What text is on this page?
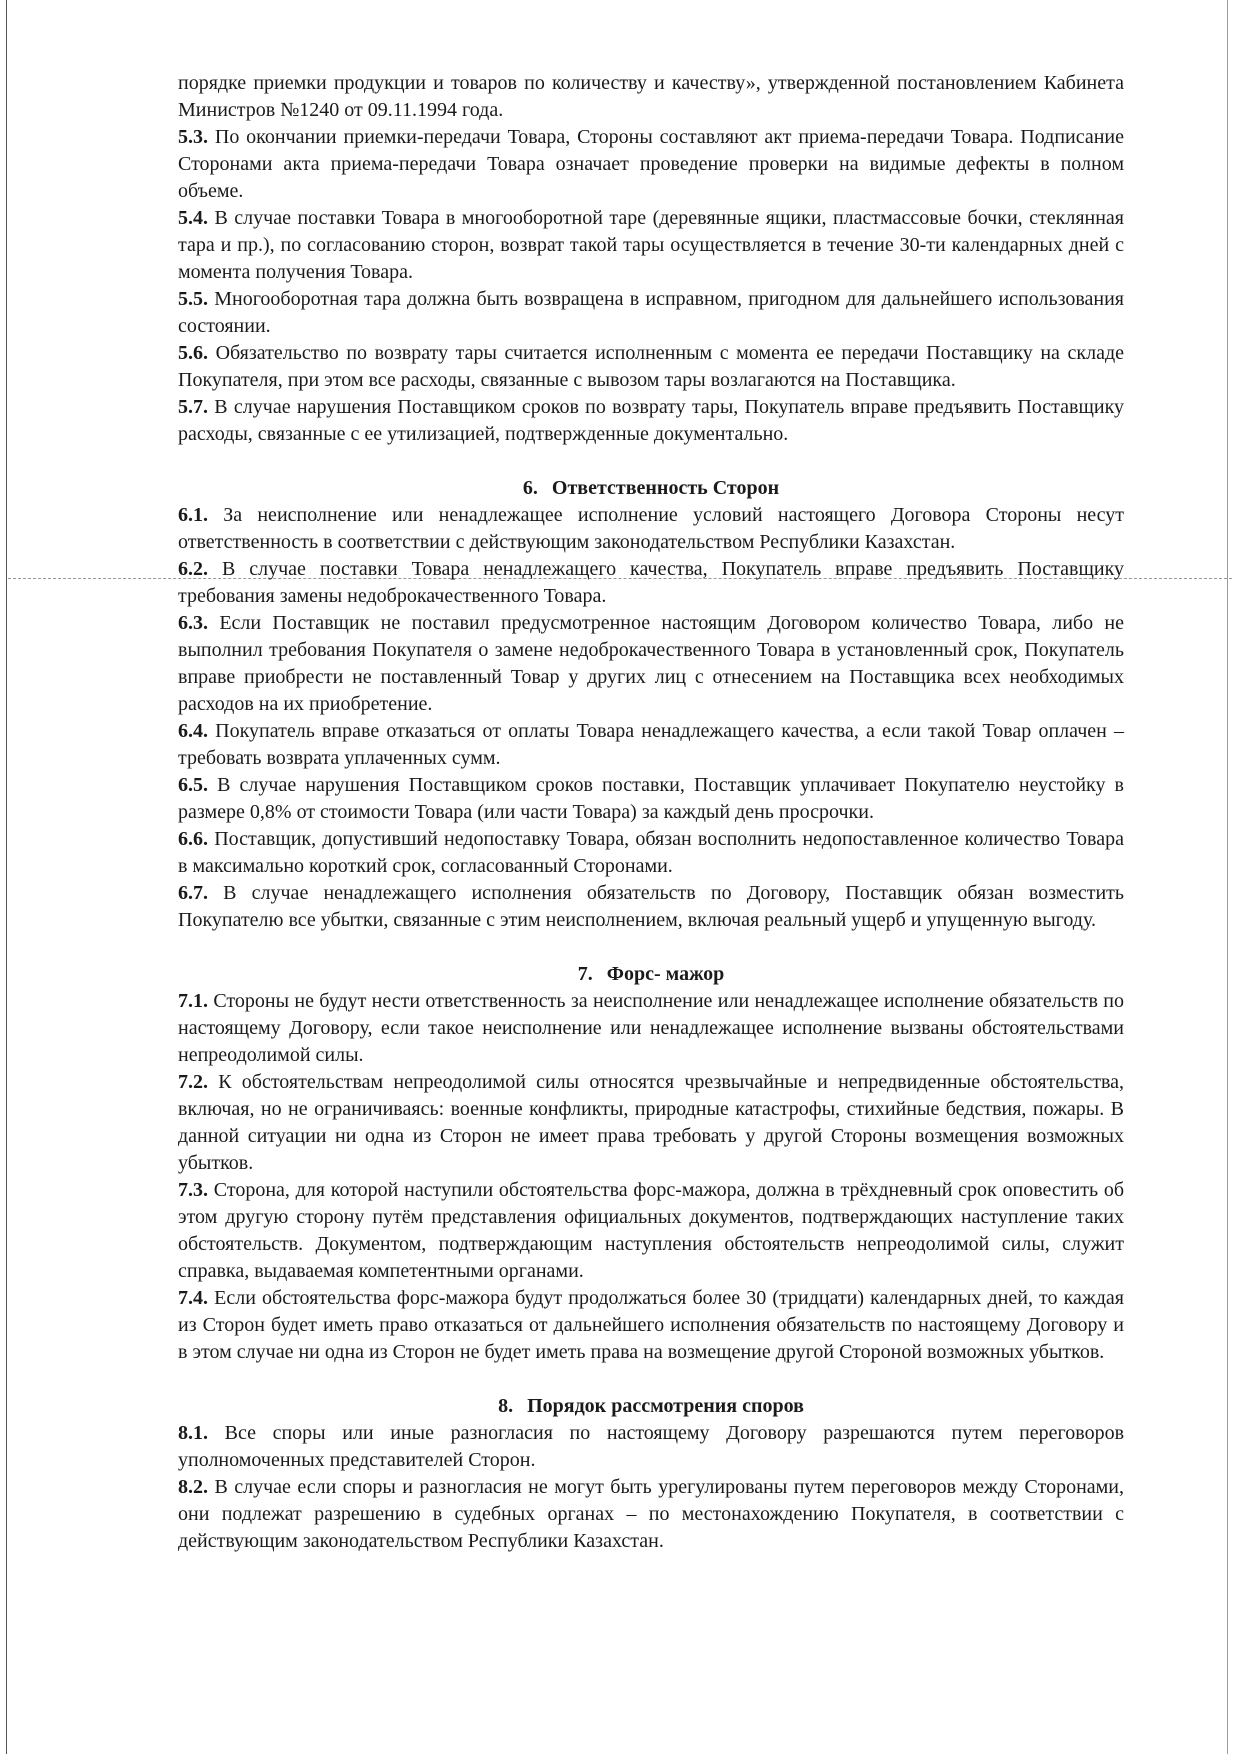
порядке приемки продукции и товаров по количеству и качеству», утвержденной постановлением Кабинета Министров №1240 от 09.11.1994 года.

5.3. По окончании приемки-передачи Товара, Стороны составляют акт приема-передачи Товара. Подписание Сторонами акта приема-передачи Товара означает проведение проверки на видимые дефекты в полном объеме.

5.4. В случае поставки Товара в многооборотной таре (деревянные ящики, пластмассовые бочки, стеклянная тара и пр.), по согласованию сторон, возврат такой тары осуществляется в течение 30-ти календарных дней с момента получения Товара.

5.5. Многооборотная тара должна быть возвращена в исправном, пригодном для дальнейшего использования состоянии.

5.6. Обязательство по возврату тары считается исполненным с момента ее передачи Поставщику на складе Покупателя, при этом все расходы, связанные с вывозом тары возлагаются на Поставщика.

5.7. В случае нарушения Поставщиком сроков по возврату тары, Покупатель вправе предъявить Поставщику расходы, связанные с ее утилизацией, подтвержденные документально.

6. Ответственность Сторон

6.1. За неисполнение или ненадлежащее исполнение условий настоящего Договора Стороны несут ответственность в соответствии с действующим законодательством Республики Казахстан.

6.2. В случае поставки Товара ненадлежащего качества, Покупатель вправе предъявить Поставщику требования замены недоброкачественного Товара.

6.3. Если Поставщик не поставил предусмотренное настоящим Договором количество Товара, либо не выполнил требования Покупателя о замене недоброкачественного Товара в установленный срок, Покупатель вправе приобрести не поставленный Товар у других лиц с отнесением на Поставщика всех необходимых расходов на их приобретение.

6.4. Покупатель вправе отказаться от оплаты Товара ненадлежащего качества, а если такой Товар оплачен – требовать возврата уплаченных сумм.

6.5. В случае нарушения Поставщиком сроков поставки, Поставщик уплачивает Покупателю неустойку в размере 0,8% от стоимости Товара (или части Товара) за каждый день просрочки.

6.6. Поставщик, допустивший недопоставку Товара, обязан восполнить недопоставленное количество Товара в максимально короткий срок, согласованный Сторонами.

6.7. В случае ненадлежащего исполнения обязательств по Договору, Поставщик обязан возместить Покупателю все убытки, связанные с этим неисполнением, включая реальный ущерб и упущенную выгоду.

7. Форс- мажор

7.1. Стороны не будут нести ответственность за неисполнение или ненадлежащее исполнение обязательств по настоящему Договору, если такое неисполнение или ненадлежащее исполнение вызваны обстоятельствами непреодолимой силы.

7.2. К обстоятельствам непреодолимой силы относятся чрезвычайные и непредвиденные обстоятельства, включая, но не ограничиваясь: военные конфликты, природные катастрофы, стихийные бедствия, пожары. В данной ситуации ни одна из Сторон не имеет права требовать у другой Стороны возмещения возможных убытков.

7.3. Сторона, для которой наступили обстоятельства форс-мажора, должна в трёхдневный срок оповестить об этом другую сторону путём представления официальных документов, подтверждающих наступление таких обстоятельств. Документом, подтверждающим наступления обстоятельств непреодолимой силы, служит справка, выдаваемая компетентными органами.

7.4. Если обстоятельства форс-мажора будут продолжаться более 30 (тридцати) календарных дней, то каждая из Сторон будет иметь право отказаться от дальнейшего исполнения обязательств по настоящему Договору и в этом случае ни одна из Сторон не будет иметь права на возмещение другой Стороной возможных убытков.

8. Порядок рассмотрения споров

8.1. Все споры или иные разногласия по настоящему Договору разрешаются путем переговоров уполномоченных представителей Сторон.

8.2. В случае если споры и разногласия не могут быть урегулированы путем переговоров между Сторонами, они подлежат разрешению в судебных органах – по местонахождению Покупателя, в соответствии с действующим законодательством Республики Казахстан.
